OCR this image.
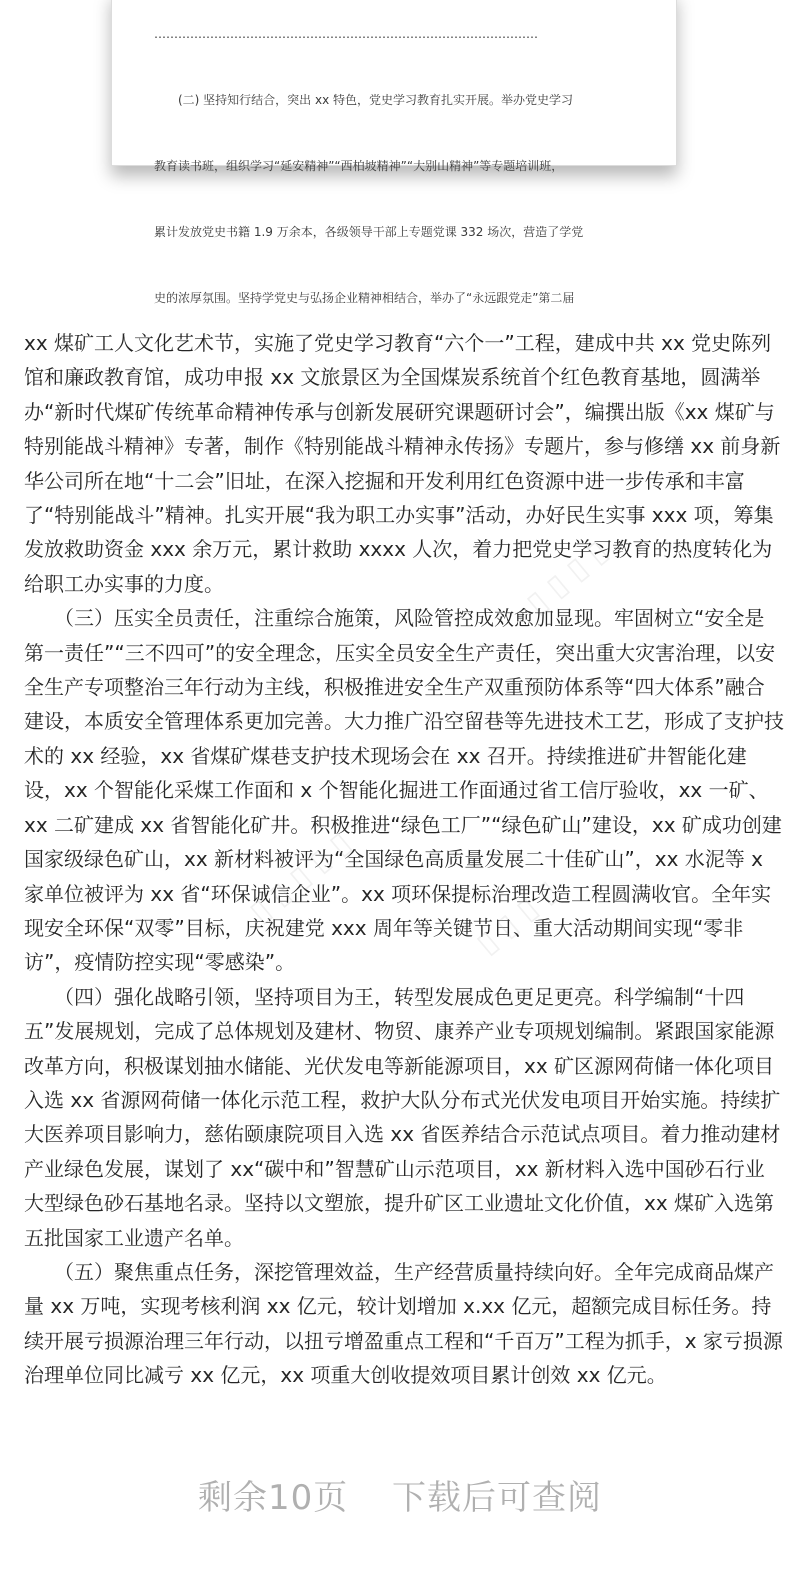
……………………………………………………………………………………

　　(二) 坚持知行结合，突出 xx 特色，党史学习教育扎实开展。举办党史学习

教育读书班，组织学习“延安精神”“西柏坡精神”“大别山精神”等专题培训班，

累计发放党史书籍 1.9 万余本，各级领导干部上专题党课 332 场次，营造了学党

史的浓厚氛围。坚持学党史与弘扬企业精神相结合，举办了“永远跟党走”第二届

xx 煤矿工人文化艺术节，实施了党史学习教育“六个一”工程，建成中共 xx 党史陈列馆和廉政教育馆，成功申报 xx 文旅景区为全国煤炭系统首个红色教育基地，圆满举办“新时代煤矿传统革命精神传承与创新发展研究课题研讨会”，编撰出版《xx 煤矿与特别能战斗精神》专著，制作《特别能战斗精神永传扬》专题片，参与修缮 xx 前身新华公司所在地“十二会”旧址，在深入挖掘和开发利用红色资源中进一步传承和丰富了“特别能战斗”精神。扎实开展“我为职工办实事”活动，办好民生实事 xxx 项，筹集发放救助资金 xxx 余万元，累计救助 xxxx 人次，着力把党史学习教育的热度转化为给职工办实事的力度。

　　（三）压实全员责任，注重综合施策，风险管控成效愈加显现。牢固树立“安全是第一责任”“三不四可”的安全理念，压实全员安全生产责任，突出重大灾害治理，以安全生产专项整治三年行动为主线，积极推进安全生产双重预防体系等“四大体系”融合建设，本质安全管理体系更加完善。大力推广沿空留巷等先进技术工艺，形成了支护技术的 xx 经验，xx 省煤矿煤巷支护技术现场会在 xx 召开。持续推进矿井智能化建设，xx 个智能化采煤工作面和 x 个智能化掘进工作面通过省工信厅验收，xx 一矿、xx 二矿建成 xx 省智能化矿井。积极推进“绿色工厂”“绿色矿山”建设，xx 矿成功创建国家级绿色矿山，xx 新材料被评为“全国绿色高质量发展二十佳矿山”，xx 水泥等 x 家单位被评为 xx 省“环保诚信企业”。xx 项环保提标治理改造工程圆满收官。全年实现安全环保“双零”目标，庆祝建党 xxx 周年等关键节日、重大活动期间实现“零非访”，疫情防控实现“零感染”。

　　（四）强化战略引领，坚持项目为王，转型发展成色更足更亮。科学编制“十四五”发展规划，完成了总体规划及建材、物贸、康养产业专项规划编制。紧跟国家能源改革方向，积极谋划抽水储能、光伏发电等新能源项目，xx 矿区源网荷储一体化项目入选 xx 省源网荷储一体化示范工程，救护大队分布式光伏发电项目开始实施。持续扩大医养项目影响力，慈佑颐康院项目入选 xx 省医养结合示范试点项目。着力推动建材产业绿色发展，谋划了 xx“碳中和”智慧矿山示范项目，xx 新材料入选中国砂石行业大型绿色砂石基地名录。坚持以文塑旅，提升矿区工业遗址文化价值，xx 煤矿入选第五批国家工业遗产名单。

　　（五）聚焦重点任务，深挖管理效益，生产经营质量持续向好。全年完成商品煤产量 xx 万吨，实现考核利润 xx 亿元，较计划增加 x.xx 亿元，超额完成目标任务。持续开展亏损源治理三年行动，以扭亏增盈重点工程和“千百万”工程为抓手，x 家亏损源治理单位同比减亏 xx 亿元，xx 项重大创收提效项目累计创效 xx 亿元。

▯ ▯ ▯ ▯
▯ ▯ ▯ ▯ ▯	▯ ▯ ▯ ▯
剩余10页 下载后可查阅
